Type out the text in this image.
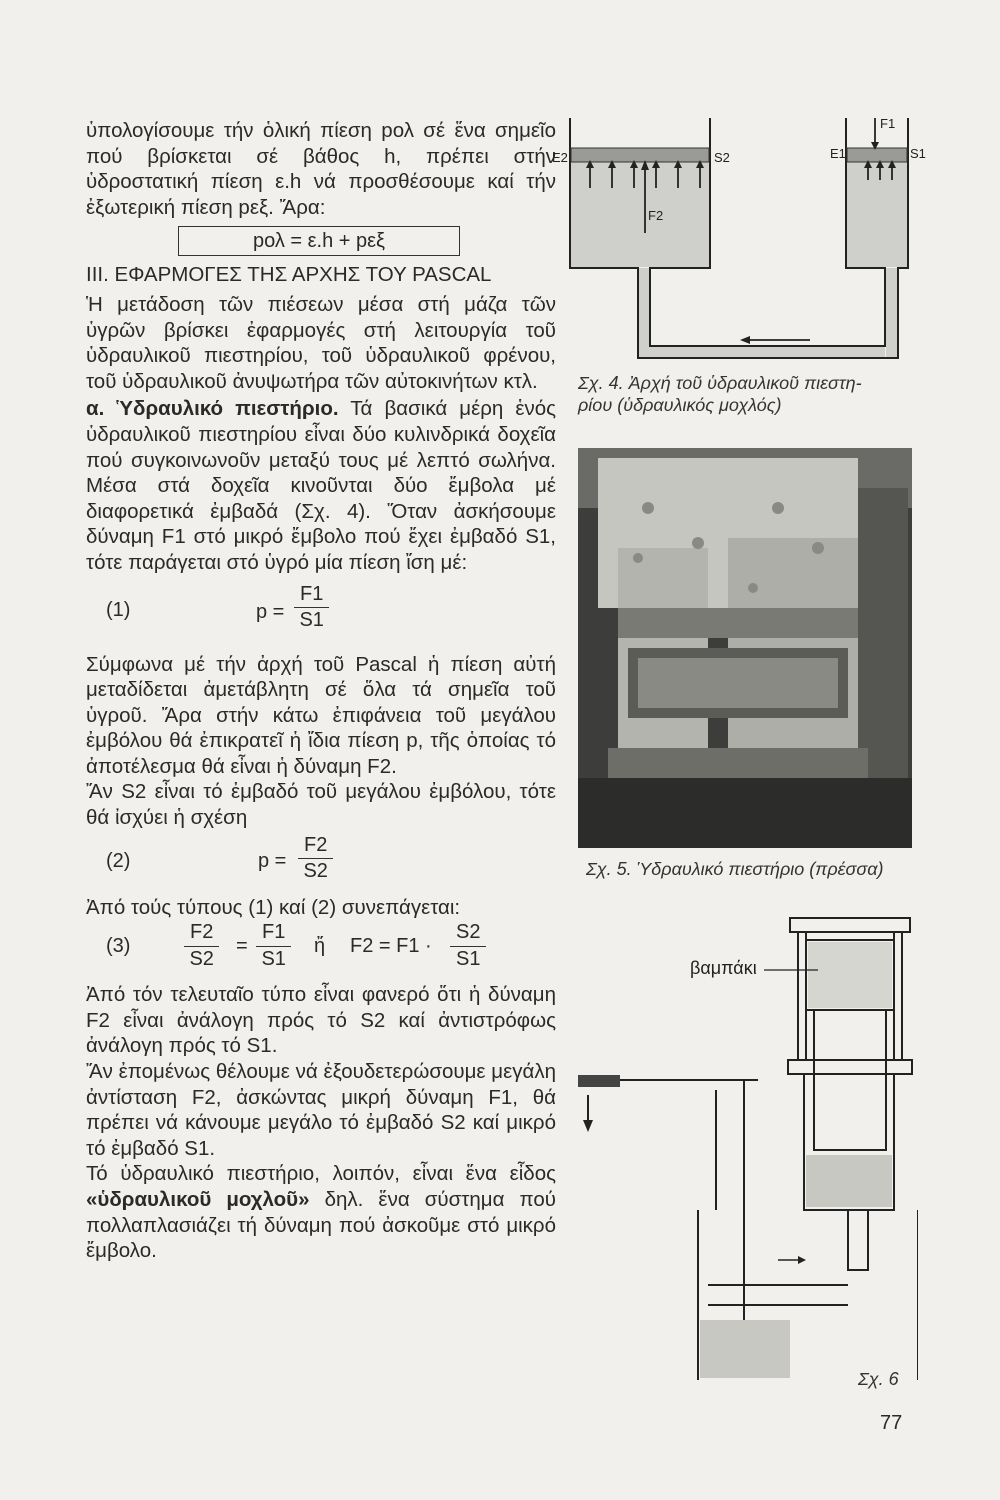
ὑπολογίσουμε τήν ὁλική πίεση pολ σέ ἕνα σημεῖο πού βρίσκεται σέ βάθος h, πρέπει στήν ὑδροστατική πίεση ε.h νά προσθέσουμε καί τήν ἐξωτερική πίεση pεξ. Ἄρα:

pολ = ε.h + pεξ

III. ΕΦΑΡΜΟΓΕΣ ΤΗΣ ΑΡΧΗΣ ΤΟΥ PASCAL

Ἡ μετάδοση τῶν πιέσεων μέσα στή μάζα τῶν ὑγρῶν βρίσκει ἐφαρμογές στή λειτουργία τοῦ ὑδραυλικοῦ πιεστηρίου, τοῦ ὑδραυλικοῦ φρένου, τοῦ ὑδραυλικοῦ ἀνυψωτήρα τῶν αὐτοκινήτων κτλ.

α. Ὑδραυλικό πιεστήριο. Τά βασικά μέρη ἑνός ὑδραυλικοῦ πιεστηρίου εἶναι δύο κυλινδρικά δοχεῖα πού συγκοινωνοῦν μεταξύ τους μέ λεπτό σωλήνα. Μέσα στά δοχεῖα κινοῦνται δύο ἔμβολα μέ διαφορετικά ἐμβαδά (Σχ. 4). Ὅταν ἀσκήσουμε δύναμη F1 στό μικρό ἔμβολο πού ἔχει ἐμβαδό S1, τότε παράγεται στό ὑγρό μία πίεση ἴση μέ:

(1)	$p = \frac{F1}{S1}$

Σύμφωνα μέ τήν ἀρχή τοῦ Pascal ἡ πίεση αὐτή μεταδίδεται ἀμετάβλητη σέ ὅλα τά σημεῖα τοῦ ὑγροῦ. Ἄρα στήν κάτω ἐπιφάνεια τοῦ μεγάλου ἐμβόλου θά ἐπικρατεῖ ἡ ἴδια πίεση p, τῆς ὁποίας τό ἀποτέλεσμα θά εἶναι ἡ δύναμη F2.

Ἄν S2 εἶναι τό ἐμβαδό τοῦ μεγάλου ἐμβόλου, τότε θά ἰσχύει ἡ σχέση

(2)	$p = \frac{F2}{S2}$

Ἀπό τούς τύπους (1) καί (2) συνεπάγεται:

(3)	$\frac{F2}{S2} = \frac{F1}{S1}$ ἤ $F2 = F1 \cdot \frac{S2}{S1}$

Ἀπό τόν τελευταῖο τύπο εἶναι φανερό ὅτι ἡ δύναμη F2 εἶναι ἀνάλογη πρός τό S2 καί ἀντιστρόφως ἀνάλογη πρός τό S1.

Ἄν ἐπομένως θέλουμε νά ἐξουδετερώσουμε μεγάλη ἀντίσταση F2, ἀσκώντας μικρή δύναμη F1, θά πρέπει νά κάνουμε μεγάλο τό ἐμβαδό S2 καί μικρό τό ἐμβαδό S1.

Τό ὑδραυλικό πιεστήριο, λοιπόν, εἶναι ἕνα εἶδος «ὑδραυλικοῦ μοχλοῦ» δηλ. ἕνα σύστημα πού πολλαπλασιάζει τή δύναμη πού ἀσκοῦμε στό μικρό ἔμβολο.

E2	S2
F2
E1	S1
F1
Σχ. 4. Ἀρχή τοῦ ὑδραυλικοῦ πιεστη-
ρίου (ὑδραυλικός μοχλός)
Σχ. 5. Ὑδραυλικό πιεστήριο (πρέσσα)
βαμπάκι
Σχ. 6
77
